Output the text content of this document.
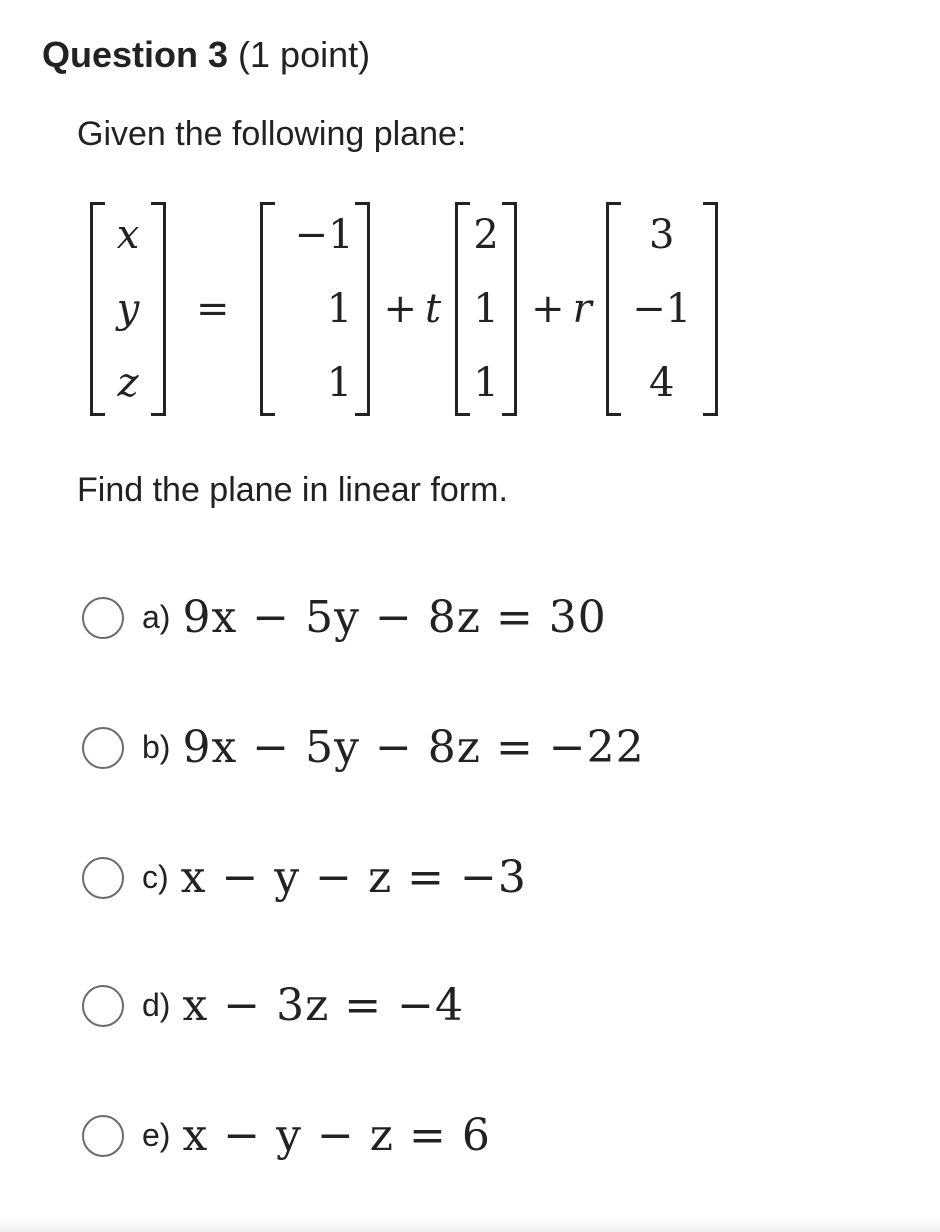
Question 3 (1 point)
Given the following plane:
x
y
z
=
−1
1
1
+ t
2
1
1
+ r
3
−1
4
Find the plane in linear form.
a) 9x − 5y − 8z = 30
b) 9x − 5y − 8z = −22
c) x − y − z = −3
d) x − 3z = −4
e) x − y − z = 6
